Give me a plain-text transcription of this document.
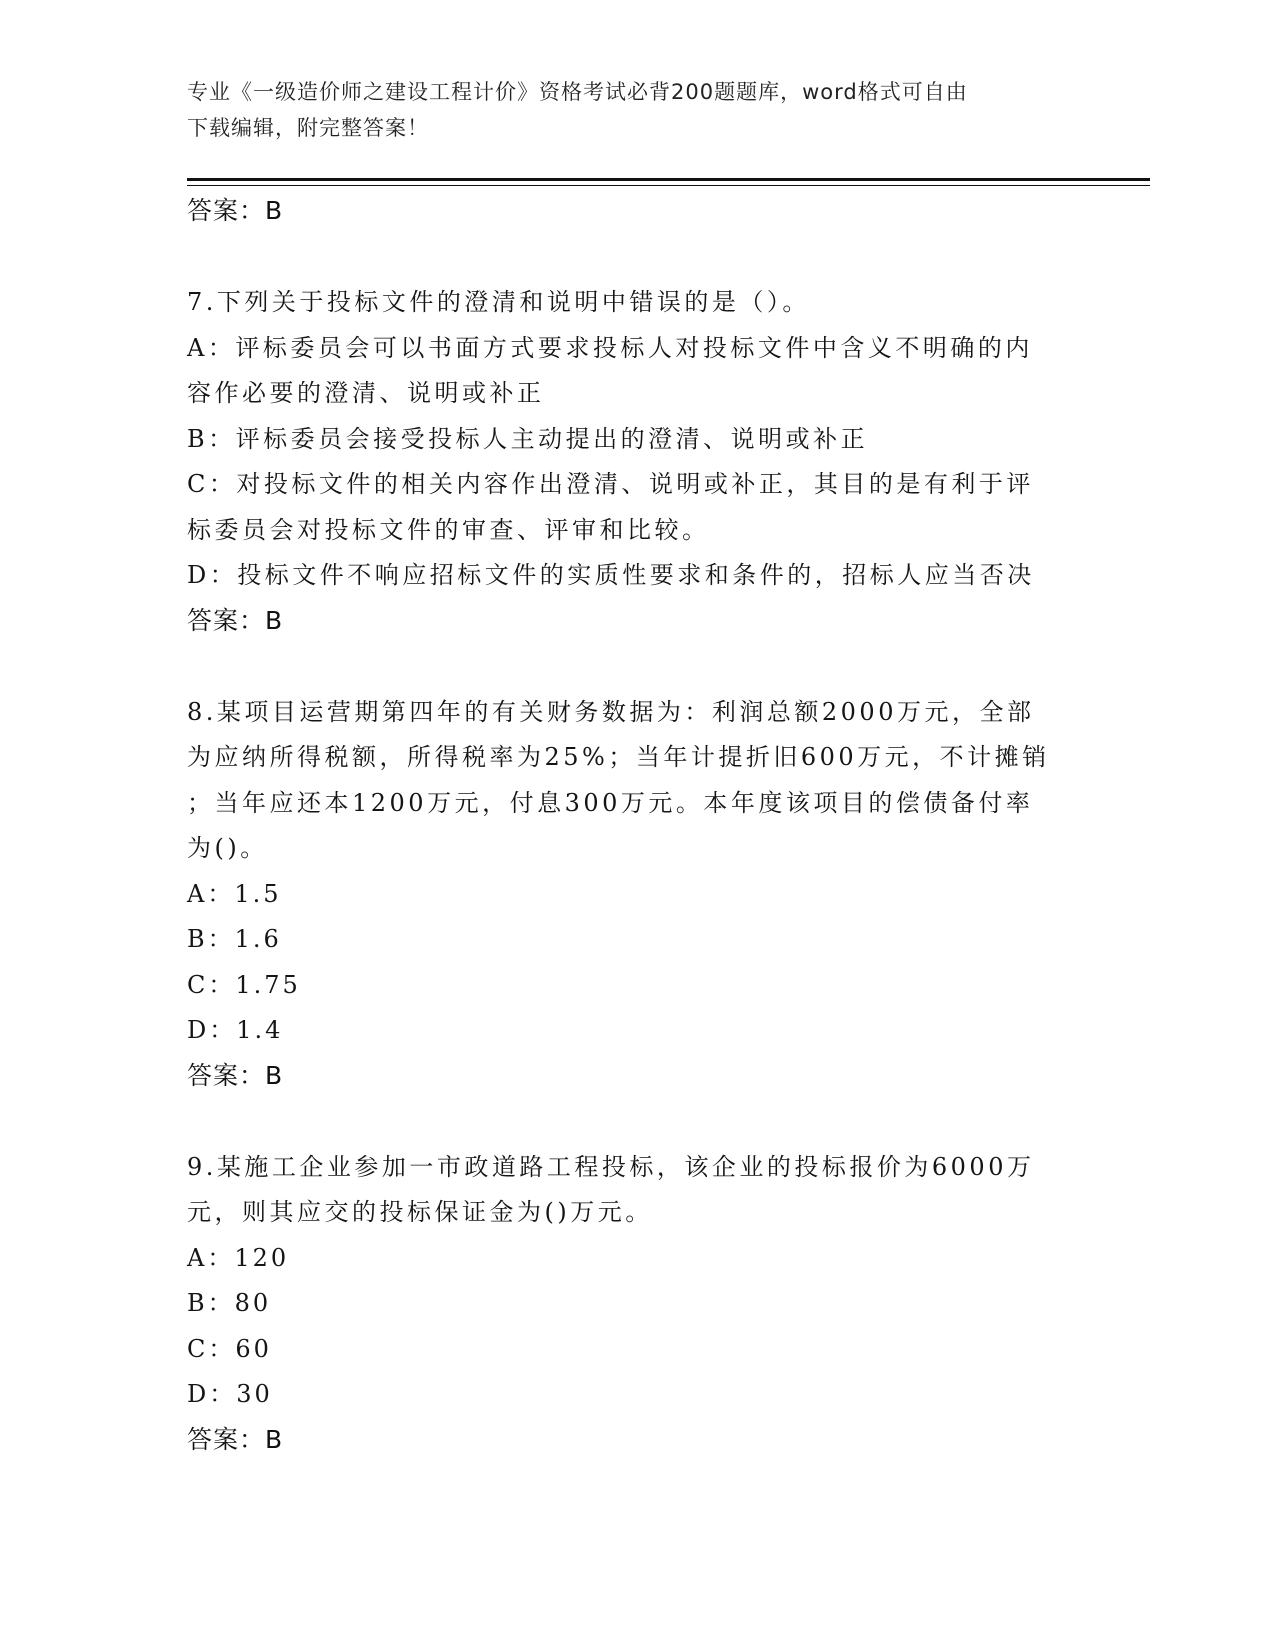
专业《一级造价师之建设工程计价》资格考试必背200题题库，word格式可自由
下载编辑，附完整答案！
答案：B
7.下列关于投标文件的澄清和说明中错误的是（）。
A：评标委员会可以书面方式要求投标人对投标文件中含义不明确的内
容作必要的澄清、说明或补正
B：评标委员会接受投标人主动提出的澄清、说明或补正
C：对投标文件的相关内容作出澄清、说明或补正，其目的是有利于评
标委员会对投标文件的审查、评审和比较。
D：投标文件不响应招标文件的实质性要求和条件的，招标人应当否决
答案：B
8.某项目运营期第四年的有关财务数据为：利润总额2000万元，全部
为应纳所得税额，所得税率为25%；当年计提折旧600万元，不计摊销
；当年应还本1200万元，付息300万元。本年度该项目的偿债备付率
为()。
A：1.5
B：1.6
C：1.75
D：1.4
答案：B
9.某施工企业参加一市政道路工程投标，该企业的投标报价为6000万
元，则其应交的投标保证金为()万元。
A：120
B：80
C：60
D：30
答案：B
